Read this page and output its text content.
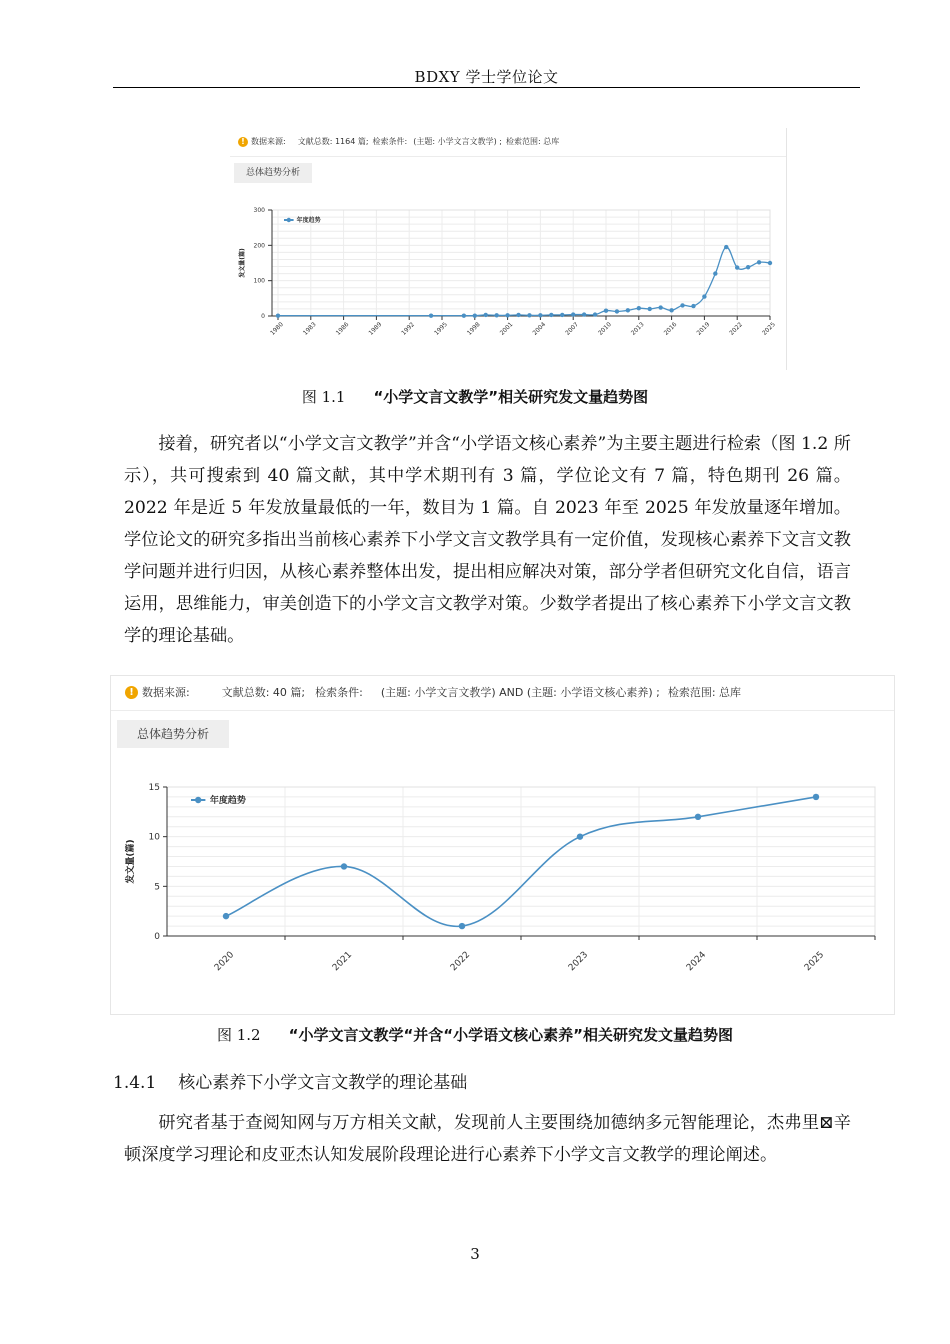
BDXY 学士学位论文
! 数据来源: 文献总数: 1164 篇; 检索条件: (主题: 小学文言文教学) ; 检索范围: 总库
总体趋势分析
0
100
200
300
1980	1983	1986	1989	1992	1995	1998	2001	2004	2007	2010	2013	2016	2019	2022	2025
发文量(篇)
年度趋势
图 1.1 “小学文言文教学”相关研究发文量趋势图

接着，研究者以“小学文言文教学”并含“小学语文核心素养”为主要主题进行检索（图 1.2 所示），共可搜索到 40 篇文献，其中学术期刊有 3 篇，学位论文有 7 篇，特色期刊 26 篇。2022 年是近 5 年发放量最低的一年，数目为 1 篇。自 2023 年至 2025 年发放量逐年增加。学位论文的研究多指出当前核心素养下小学文言文教学具有一定价值，发现核心素养下文言文教学问题并进行归因，从核心素养整体出发，提出相应解决对策，部分学者但研究文化自信，语言运用，思维能力，审美创造下的小学文言文教学对策。少数学者提出了核心素养下小学文言文教学的理论基础。

! 数据来源:	文献总数: 40 篇; 检索条件: (主题: 小学文言文教学) AND (主题: 小学语文核心素养) ; 检索范围: 总库
总体趋势分析
0
5
10
15
2020	2021	2022	2023	2024	2025
发文量(篇)
年度趋势
图 1.2 “小学文言文教学“并含“小学语文核心素养”相关研究发文量趋势图
1.4.1 核心素养下小学文言文教学的理论基础

研究者基于查阅知网与万方相关文献，发现前人主要围绕加德纳多元智能理论，杰弗里⊠辛顿深度学习理论和皮亚杰认知发展阶段理论进行心素养下小学文言文教学的理论阐述。

3
